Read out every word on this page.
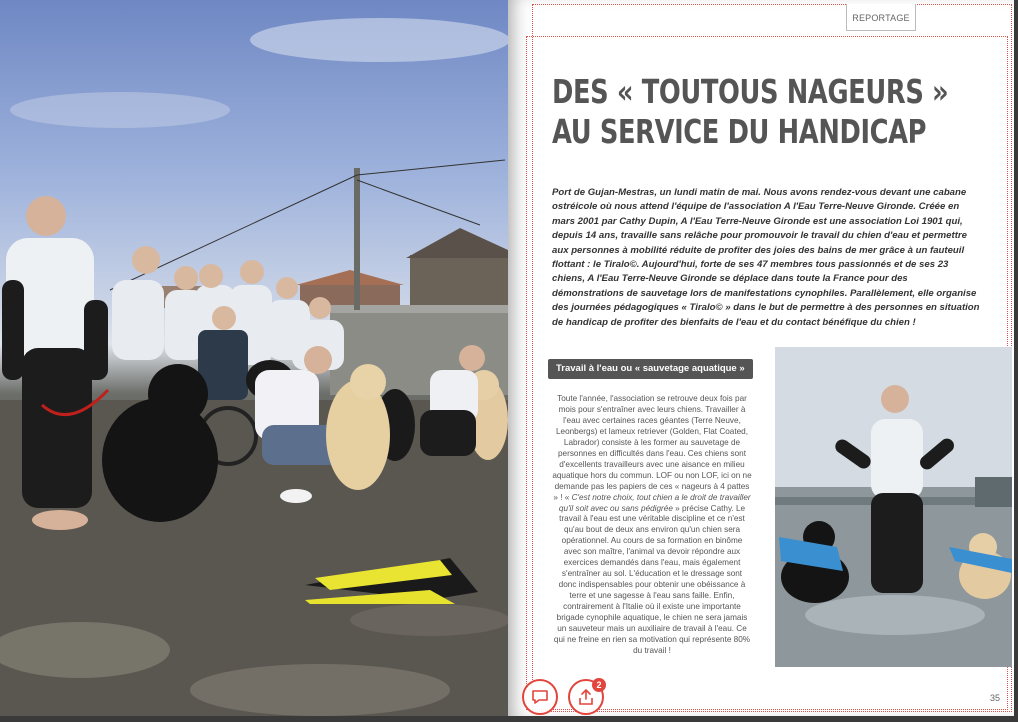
REPORTAGE
DES « TOUTOUS NAGEURS »
AU SERVICE DU HANDICAP
Port de Gujan-Mestras, un lundi matin de mai. Nous avons rendez-vous devant une cabane ostréicole où nous attend l'équipe de l'association A l'Eau Terre-Neuve Gironde. Créée en mars 2001 par Cathy Dupin, A l'Eau Terre-Neuve Gironde est une association Loi 1901 qui, depuis 14 ans, travaille sans relâche pour promouvoir le travail du chien d'eau et permettre aux personnes à mobilité réduite de profiter des joies des bains de mer grâce à un fauteuil flottant : le Tiralo©. Aujourd'hui, forte de ses 47 membres tous passionnés et de ses 23 chiens, A l'Eau Terre-Neuve Gironde se déplace dans toute la France pour des démonstrations de sauvetage lors de manifestations cynophiles. Parallèlement, elle organise des journées pédagogiques « Tiralo© » dans le but de permettre à des personnes en situation de handicap de profiter des bienfaits de l'eau et du contact bénéfique du chien !
Travail à l'eau ou « sauvetage aquatique »
Toute l'année, l'association se retrouve deux fois par mois pour s'entraîner avec leurs chiens. Travailler à l'eau avec certaines races géantes (Terre Neuve, Leonbergs) et lameux retriever (Golden, Flat Coated, Labrador) consiste à les former au sauvetage de personnes en difficultés dans l'eau. Ces chiens sont d'excellents travailleurs avec une aisance en milieu aquatique hors du commun. LOF ou non LOF, ici on ne demande pas les papiers de ces « nageurs à 4 pattes » ! « C'est notre choix, tout chien a le droit de travailler qu'il soit avec ou sans pédigrée » précise Cathy. Le travail à l'eau est une véritable discipline et ce n'est qu'au bout de deux ans environ qu'un chien sera opérationnel. Au cours de sa formation en binôme avec son maître, l'animal va devoir répondre aux exercices demandés dans l'eau, mais également s'entraîner au sol. L'éducation et le dressage sont donc indispensables pour obtenir une obéissance à terre et une sagesse à l'eau sans faille. Enfin, contrairement à l'Italie où il existe une importante brigade cynophile aquatique, le chien ne sera jamais un sauveteur mais un auxiliaire de travail à l'eau. Ce qui ne freine en rien sa motivation qui représente 80% du travail !
35
2
